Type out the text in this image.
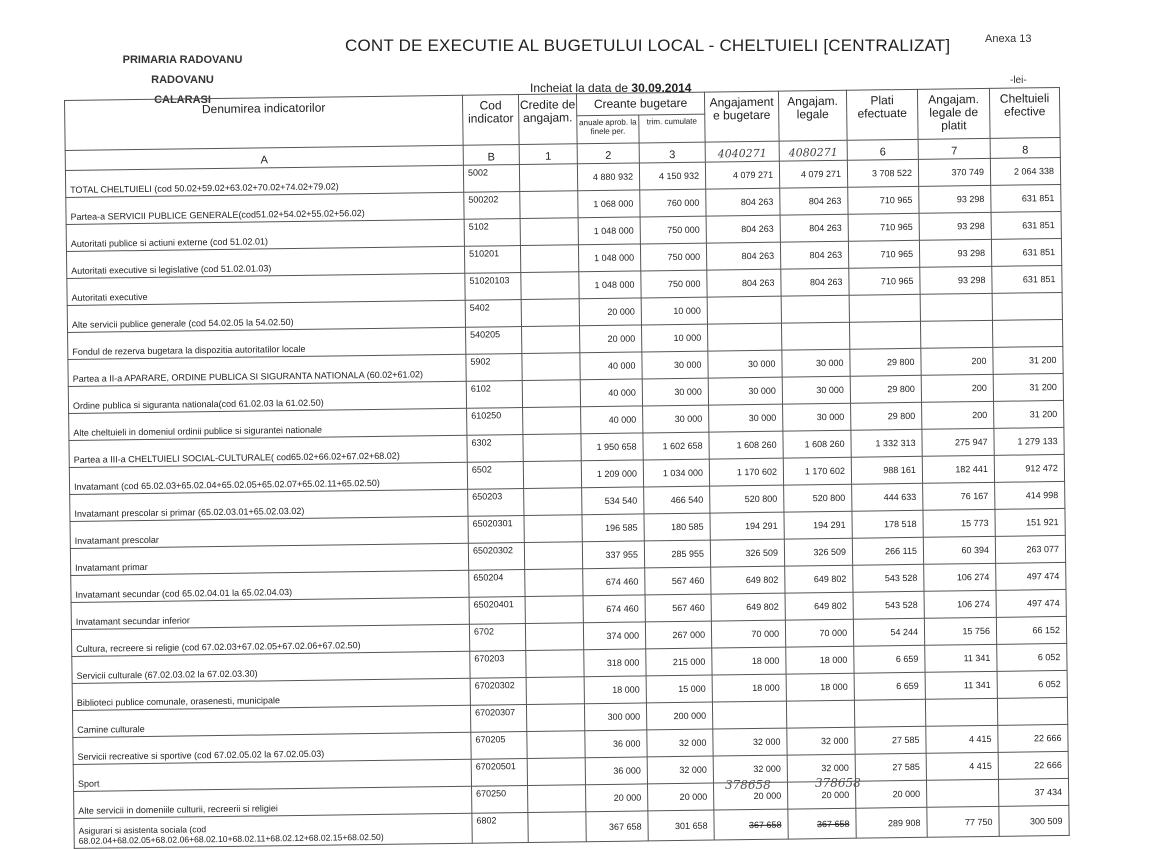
PRIMARIA RADOVANU
RADOVANU
CALARASI
CONT DE EXECUTIE AL BUGETULUI LOCAL - CHELTUIELI [CENTRALIZAT]	Anexa 13
-lei-
Incheiat la data de 30.09.2014
Denumirea indicatorilor	Cod indicator	Credite de angajam.	Creante bugetare		Angajament e bugetare	Angajam. legale	Plati efectuate	Angajam. legale de platit	Cheltuieli efective
			anuale aprob. la finele per.	trim. cumulate					
A	B	1	2	3	4040271	4080271	6	7	8
TOTAL CHELTUIELI (cod 50.02+59.02+63.02+70.02+74.02+79.02)	5002		4 880 932	4 150 932	4 079 271	4 079 271	3 708 522	370 749	2 064 338
Partea-a SERVICII PUBLICE GENERALE(cod51.02+54.02+55.02+56.02)	500202		1 068 000	760 000	804 263	804 263	710 965	93 298	631 851
Autoritati publice si actiuni externe (cod 51.02.01)	5102		1 048 000	750 000	804 263	804 263	710 965	93 298	631 851
Autoritati executive si legislative (cod 51.02.01.03)	510201		1 048 000	750 000	804 263	804 263	710 965	93 298	631 851
Autoritati executive	51020103		1 048 000	750 000	804 263	804 263	710 965	93 298	631 851
Alte servicii publice generale (cod 54.02.05 la 54.02.50)	5402		20 000	10 000					
Fondul de rezerva bugetara la dispozitia autoritatilor locale	540205		20 000	10 000					
Partea a II-a APARARE, ORDINE PUBLICA SI SIGURANTA NATIONALA (60.02+61.02)	5902		40 000	30 000	30 000	30 000	29 800	200	31 200
Ordine publica si siguranta nationala(cod 61.02.03 la 61.02.50)	6102		40 000	30 000	30 000	30 000	29 800	200	31 200
Alte cheltuieli in domeniul ordinii publice si sigurantei nationale	610250		40 000	30 000	30 000	30 000	29 800	200	31 200
Partea a III-a CHELTUIELI SOCIAL-CULTURALE( cod65.02+66.02+67.02+68.02)	6302		1 950 658	1 602 658	1 608 260	1 608 260	1 332 313	275 947	1 279 133
Invatamant (cod 65.02.03+65.02.04+65.02.05+65.02.07+65.02.11+65.02.50)	6502		1 209 000	1 034 000	1 170 602	1 170 602	988 161	182 441	912 472
Invatamant prescolar si primar (65.02.03.01+65.02.03.02)	650203		534 540	466 540	520 800	520 800	444 633	76 167	414 998
Invatamant prescolar	65020301		196 585	180 585	194 291	194 291	178 518	15 773	151 921
Invatamant primar	65020302		337 955	285 955	326 509	326 509	266 115	60 394	263 077
Invatamant secundar (cod 65.02.04.01 la 65.02.04.03)	650204		674 460	567 460	649 802	649 802	543 528	106 274	497 474
Invatamant secundar inferior	65020401		674 460	567 460	649 802	649 802	543 528	106 274	497 474
Cultura, recreere si religie (cod 67.02.03+67.02.05+67.02.06+67.02.50)	6702		374 000	267 000	70 000	70 000	54 244	15 756	66 152
Servicii culturale (67.02.03.02 la 67.02.03.30)	670203		318 000	215 000	18 000	18 000	6 659	11 341	6 052
Biblioteci publice comunale, orasenesti, municipale	67020302		18 000	15 000	18 000	18 000	6 659	11 341	6 052
Camine culturale	67020307		300 000	200 000					
Servicii recreative si sportive (cod 67.02.05.02 la 67.02.05.03)	670205		36 000	32 000	32 000	32 000	27 585	4 415	22 666
Sport	67020501		36 000	32 000	32 000	32 000	27 585	4 415	22 666
Alte servicii in domeniile culturii, recreerii si religiei	670250		20 000	20 000	20 000	20 000	20 000		37 434
Asigurari si asistenta sociala (cod 68.02.04+68.02.05+68.02.06+68.02.10+68.02.11+68.02.12+68.02.15+68.02.50)	6802		367 658	301 658	367 658	367 658	289 908	77 750	300 509
378658	378658
